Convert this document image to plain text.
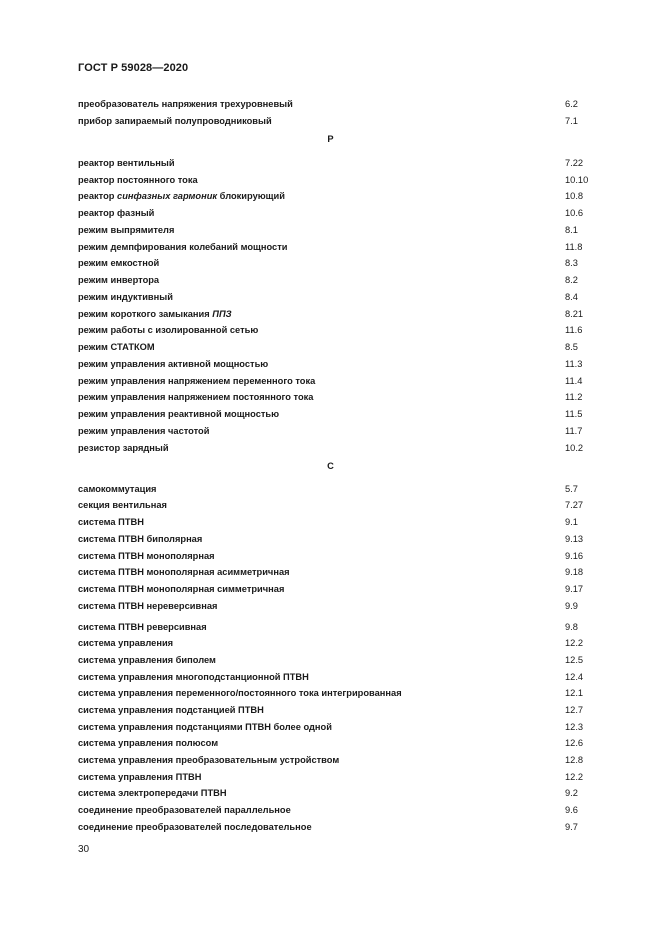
ГОСТ Р 59028—2020
преобразователь напряжения трехуровневый	6.2
прибор запираемый полупроводниковый	7.1
Р
реактор вентильный	7.22
реактор постоянного тока	10.10
реактор синфазных гармоник блокирующий	10.8
реактор фазный	10.6
режим выпрямителя	8.1
режим демпфирования колебаний мощности	11.8
режим емкостной	8.3
режим инвертора	8.2
режим индуктивный	8.4
режим короткого замыкания ППЗ	8.21
режим работы с изолированной сетью	11.6
режим СТАТКОМ	8.5
режим управления активной мощностью	11.3
режим управления напряжением переменного тока	11.4
режим управления напряжением постоянного тока	11.2
режим управления реактивной мощностью	11.5
режим управления частотой	11.7
резистор зарядный	10.2
С
самокоммутация	5.7
секция вентильная	7.27
система ПТВН	9.1
система ПТВН биполярная	9.13
система ПТВН монополярная	9.16
система ПТВН монополярная асимметричная	9.18
система ПТВН монополярная симметричная	9.17
система ПТВН нереверсивная	9.9
система ПТВН реверсивная	9.8
система управления	12.2
система управления биполем	12.5
система управления многоподстанционной ПТВН	12.4
система управления переменного/постоянного тока интегрированная	12.1
система управления подстанцией ПТВН	12.7
система управления подстанциями ПТВН более одной	12.3
система управления полюсом	12.6
система управления преобразовательным устройством	12.8
система управления ПТВН	12.2
система электропередачи ПТВН	9.2
соединение преобразователей параллельное	9.6
соединение преобразователей последовательное	9.7
30
